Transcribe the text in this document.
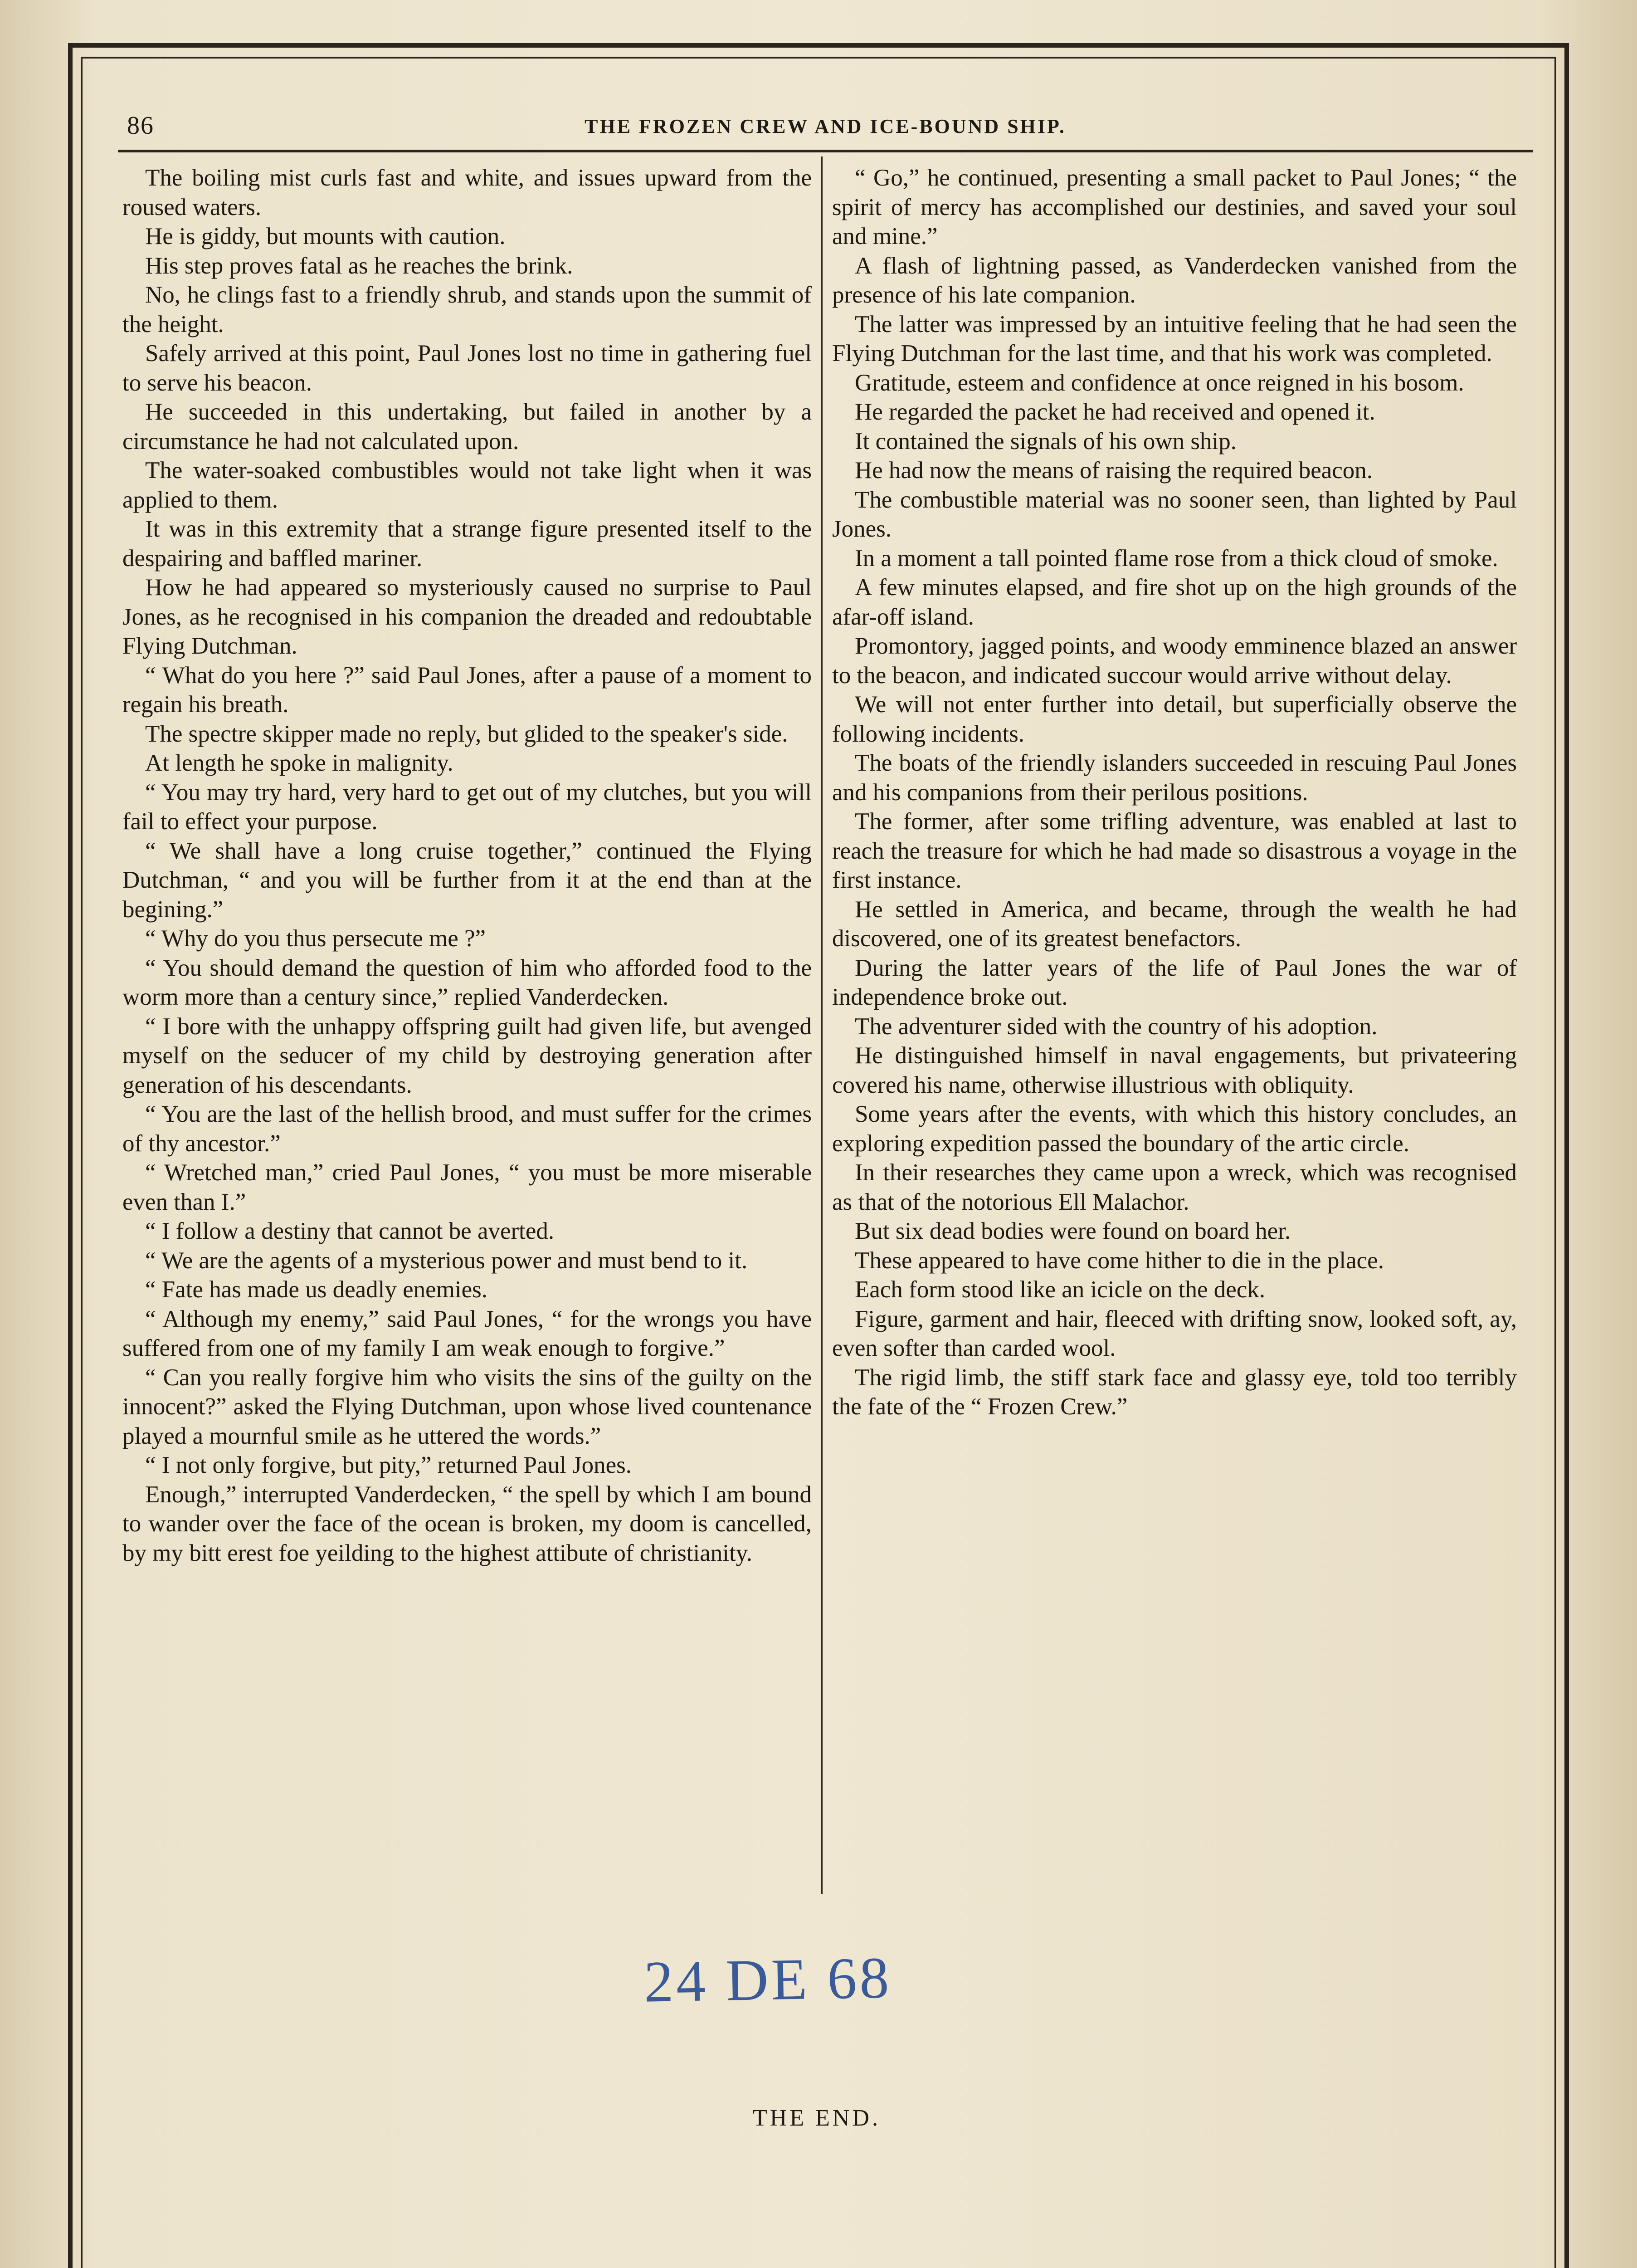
86	THE FROZEN CREW AND ICE-BOUND SHIP.

The boiling mist curls fast and white, and issues upward from the roused waters.

He is giddy, but mounts with caution.

His step proves fatal as he reaches the brink.

No, he clings fast to a friendly shrub, and stands upon the summit of the height.

Safely arrived at this point, Paul Jones lost no time in gathering fuel to serve his beacon.

He succeeded in this undertaking, but failed in another by a circumstance he had not calculated upon.

The water-soaked combustibles would not take light when it was applied to them.

It was in this extremity that a strange figure presented itself to the despairing and baffled mariner.

How he had appeared so mysteriously caused no surprise to Paul Jones, as he recognised in his companion the dreaded and redoubtable Flying Dutchman.

“ What do you here ?” said Paul Jones, after a pause of a moment to regain his breath.

The spectre skipper made no reply, but glided to the speaker's side.

At length he spoke in malignity.

“ You may try hard, very hard to get out of my clutches, but you will fail to effect your purpose.

“ We shall have a long cruise together,” continued the Flying Dutchman, “ and you will be further from it at the end than at the begining.”

“ Why do you thus persecute me ?”

“ You should demand the question of him who afforded food to the worm more than a century since,” replied Vanderdecken.

“ I bore with the unhappy offspring guilt had given life, but avenged myself on the seducer of my child by destroying generation after generation of his descendants.

“ You are the last of the hellish brood, and must suffer for the crimes of thy ancestor.”

“ Wretched man,” cried Paul Jones, “ you must be more miserable even than I.”

“ I follow a destiny that cannot be averted.

“ We are the agents of a mysterious power and must bend to it.

“ Fate has made us deadly enemies.

“ Although my enemy,” said Paul Jones, “ for the wrongs you have suffered from one of my family I am weak enough to forgive.”

“ Can you really forgive him who visits the sins of the guilty on the innocent?” asked the Flying Dutchman, upon whose lived countenance played a mournful smile as he uttered the words.”

“ I not only forgive, but pity,” returned Paul Jones.

Enough,” interrupted Vanderdecken, “ the spell by which I am bound to wander over the face of the ocean is broken, my doom is cancelled, by my bitt erest foe yeilding to the highest attibute of christianity.

“ Go,” he continued, presenting a small packet to Paul Jones; “ the spirit of mercy has accomplished our destinies, and saved your soul and mine.”

A flash of lightning passed, as Vanderdecken vanished from the presence of his late companion.

The latter was impressed by an intuitive feeling that he had seen the Flying Dutchman for the last time, and that his work was completed.

Gratitude, esteem and confidence at once reigned in his bosom.

He regarded the packet he had received and opened it.

It contained the signals of his own ship.

He had now the means of raising the required beacon.

The combustible material was no sooner seen, than lighted by Paul Jones.

In a moment a tall pointed flame rose from a thick cloud of smoke.

A few minutes elapsed, and fire shot up on the high grounds of the afar-off island.

Promontory, jagged points, and woody emminence blazed an answer to the beacon, and indicated succour would arrive without delay.

We will not enter further into detail, but superficially observe the following incidents.

The boats of the friendly islanders succeeded in rescuing Paul Jones and his companions from their perilous positions.

The former, after some trifling adventure, was enabled at last to reach the treasure for which he had made so disastrous a voyage in the first instance.

He settled in America, and became, through the wealth he had discovered, one of its greatest benefactors.

During the latter years of the life of Paul Jones the war of independence broke out.

The adventurer sided with the country of his adoption.

He distinguished himself in naval engagements, but privateering covered his name, otherwise illustrious with obliquity.

Some years after the events, with which this history concludes, an exploring expedition passed the boundary of the artic circle.

In their researches they came upon a wreck, which was recognised as that of the notorious Ell Malachor.

But six dead bodies were found on board her.

These appeared to have come hither to die in the place.

Each form stood like an icicle on the deck.

Figure, garment and hair, fleeced with drifting snow, looked soft, ay, even softer than carded wool.

The rigid limb, the stiff stark face and glassy eye, told too terribly the fate of the “ Frozen Crew.”

24 DE 68
THE END.
